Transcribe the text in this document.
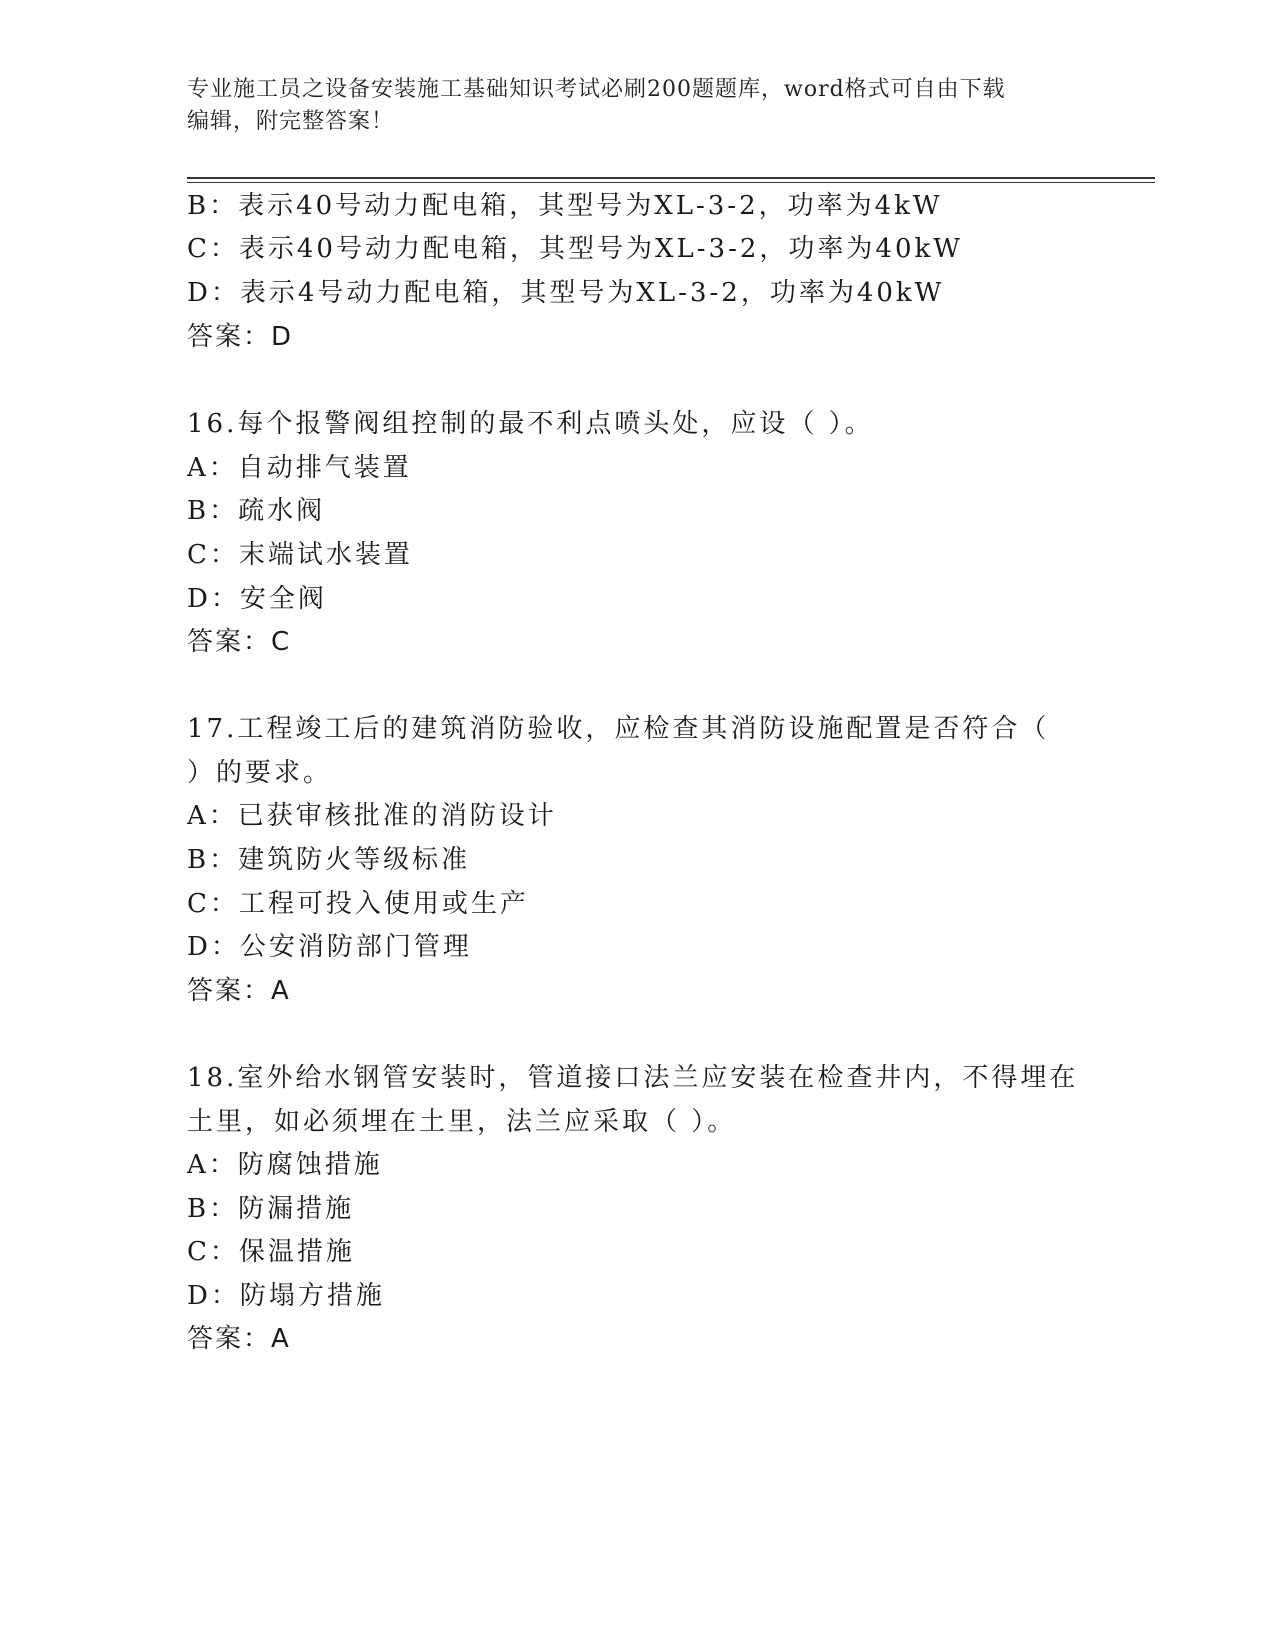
专业施工员之设备安装施工基础知识考试必刷200题题库，word格式可自由下载
编辑，附完整答案！
B：表示40号动力配电箱，其型号为XL-3-2，功率为4kW
C：表示40号动力配电箱，其型号为XL-3-2，功率为40kW
D：表示4号动力配电箱，其型号为XL-3-2，功率为40kW
答案：D
16.每个报警阀组控制的最不利点喷头处，应设（ ）。
A：自动排气装置
B：疏水阀
C：末端试水装置
D：安全阀
答案：C
17.工程竣工后的建筑消防验收，应检查其消防设施配置是否符合（
）的要求。
A：已获审核批准的消防设计
B：建筑防火等级标准
C：工程可投入使用或生产
D：公安消防部门管理
答案：A
18.室外给水钢管安装时，管道接口法兰应安装在检查井内，不得埋在
土里，如必须埋在土里，法兰应采取（ ）。
A：防腐蚀措施
B：防漏措施
C：保温措施
D：防塌方措施
答案：A
